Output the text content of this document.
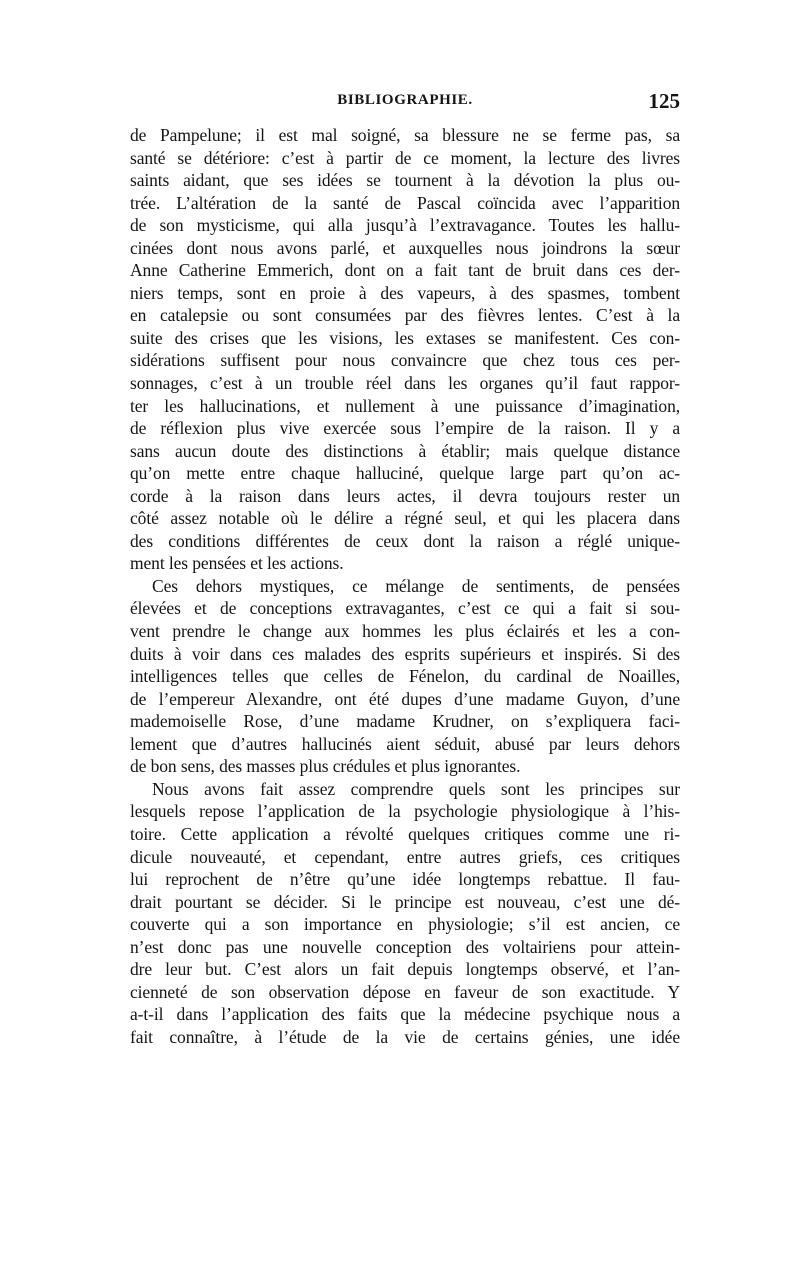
BIBLIOGRAPHIE.	125
de Pampelune; il est mal soigné, sa blessure ne se ferme pas, sa
santé se détériore: c’est à partir de ce moment, la lecture des livres
saints aidant, que ses idées se tournent à la dévotion la plus ou-
trée. L’altération de la santé de Pascal coïncida avec l’apparition
de son mysticisme, qui alla jusqu’à l’extravagance. Toutes les hallu-
cinées dont nous avons parlé, et auxquelles nous joindrons la sœur
Anne Catherine Emmerich, dont on a fait tant de bruit dans ces der-
niers temps, sont en proie à des vapeurs, à des spasmes, tombent
en catalepsie ou sont consumées par des fièvres lentes. C’est à la
suite des crises que les visions, les extases se manifestent. Ces con-
sidérations suffisent pour nous convaincre que chez tous ces per-
sonnages, c’est à un trouble réel dans les organes qu’il faut rappor-
ter les hallucinations, et nullement à une puissance d’imagination,
de réflexion plus vive exercée sous l’empire de la raison. Il y a
sans aucun doute des distinctions à établir; mais quelque distance
qu’on mette entre chaque halluciné, quelque large part qu’on ac-
corde à la raison dans leurs actes, il devra toujours rester un
côté assez notable où le délire a régné seul, et qui les placera dans
des conditions différentes de ceux dont la raison a réglé unique-
ment les pensées et les actions.
Ces dehors mystiques, ce mélange de sentiments, de pensées
élevées et de conceptions extravagantes, c’est ce qui a fait si sou-
vent prendre le change aux hommes les plus éclairés et les a con-
duits à voir dans ces malades des esprits supérieurs et inspirés. Si des
intelligences telles que celles de Fénelon, du cardinal de Noailles,
de l’empereur Alexandre, ont été dupes d’une madame Guyon, d’une
mademoiselle Rose, d’une madame Krudner, on s’expliquera faci-
lement que d’autres hallucinés aient séduit, abusé par leurs dehors
de bon sens, des masses plus crédules et plus ignorantes.
Nous avons fait assez comprendre quels sont les principes sur
lesquels repose l’application de la psychologie physiologique à l’his-
toire. Cette application a révolté quelques critiques comme une ri-
dicule nouveauté, et cependant, entre autres griefs, ces critiques
lui reprochent de n’être qu’une idée longtemps rebattue. Il fau-
drait pourtant se décider. Si le principe est nouveau, c’est une dé-
couverte qui a son importance en physiologie; s’il est ancien, ce
n’est donc pas une nouvelle conception des voltairiens pour attein-
dre leur but. C’est alors un fait depuis longtemps observé, et l’an-
cienneté de son observation dépose en faveur de son exactitude. Y
a-t-il dans l’application des faits que la médecine psychique nous a
fait connaître, à l’étude de la vie de certains génies, une idée
